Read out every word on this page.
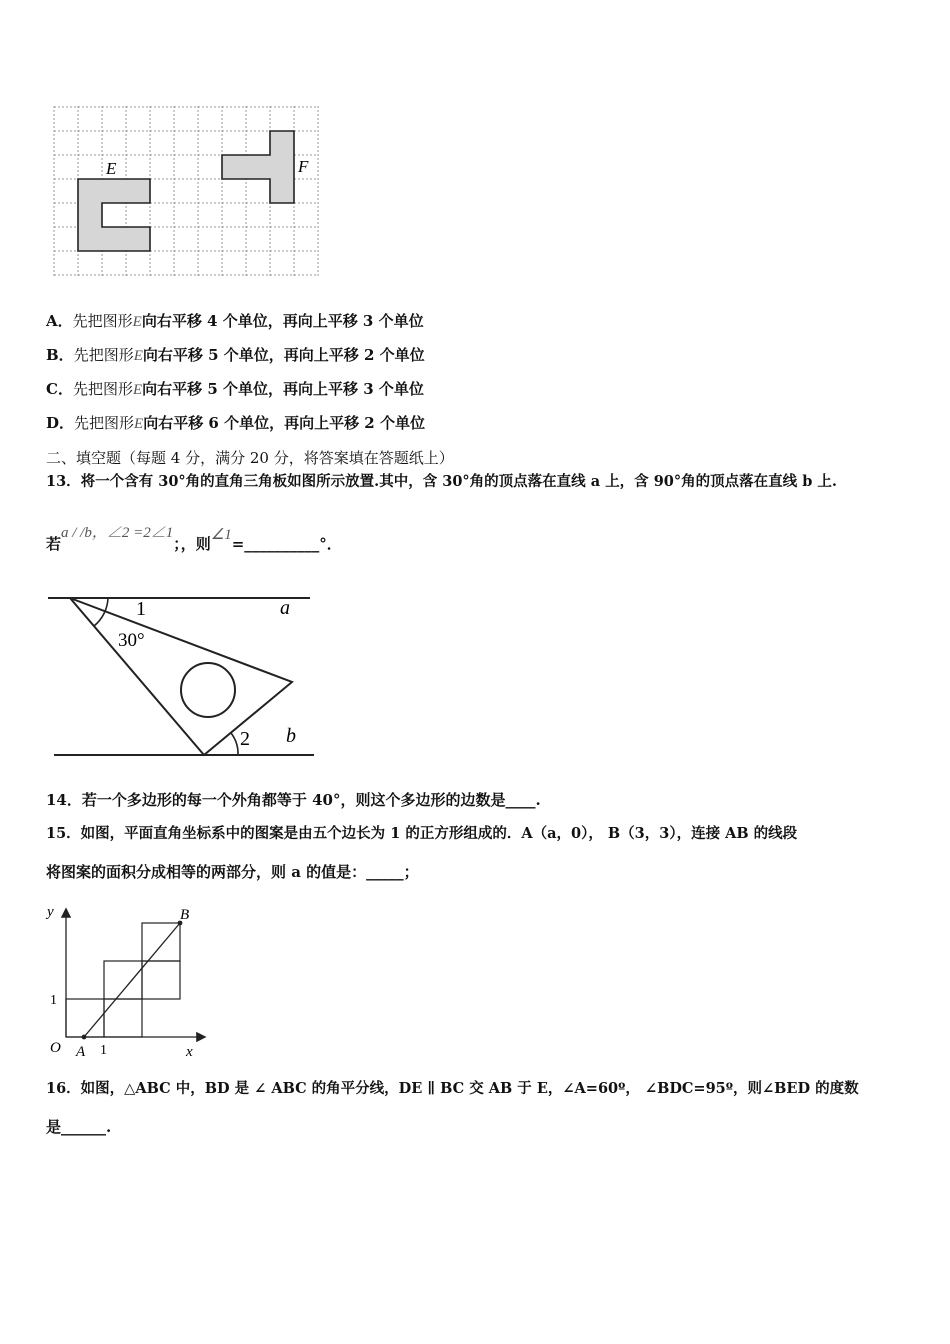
E	F
A．先把图形E向右平移 4 个单位，再向上平移 3 个单位
B．先把图形E向右平移 5 个单位，再向上平移 2 个单位
C．先把图形E向右平移 5 个单位，再向上平移 3 个单位
D．先把图形E向右平移 6 个单位，再向上平移 2 个单位
二、填空题（每题 4 分，满分 20 分，将答案填在答题纸上）
13．将一个含有 30°角的直角三角板如图所示放置.其中，含 30°角的顶点落在直线 a 上，含 90°角的顶点落在直线 b 上.
若a / /b，∠2 =2∠1；，则∠1=__________°．
1
30°
a
2 b
14．若一个多边形的每一个外角都等于 40°，则这个多边形的边数是____.
15．如图，平面直角坐标系中的图案是由五个边长为 1 的正方形组成的．A（a，0）， B（3，3），连接 AB 的线段
将图案的面积分成相等的两部分，则 a 的值是：_____；
y	B
1
O A 1	x
16．如图，△ABC 中，BD 是 ∠ ABC 的角平分线，DE ∥ BC 交 AB 于 E，∠A=60º， ∠BDC=95º，则∠BED 的度数
是______.
